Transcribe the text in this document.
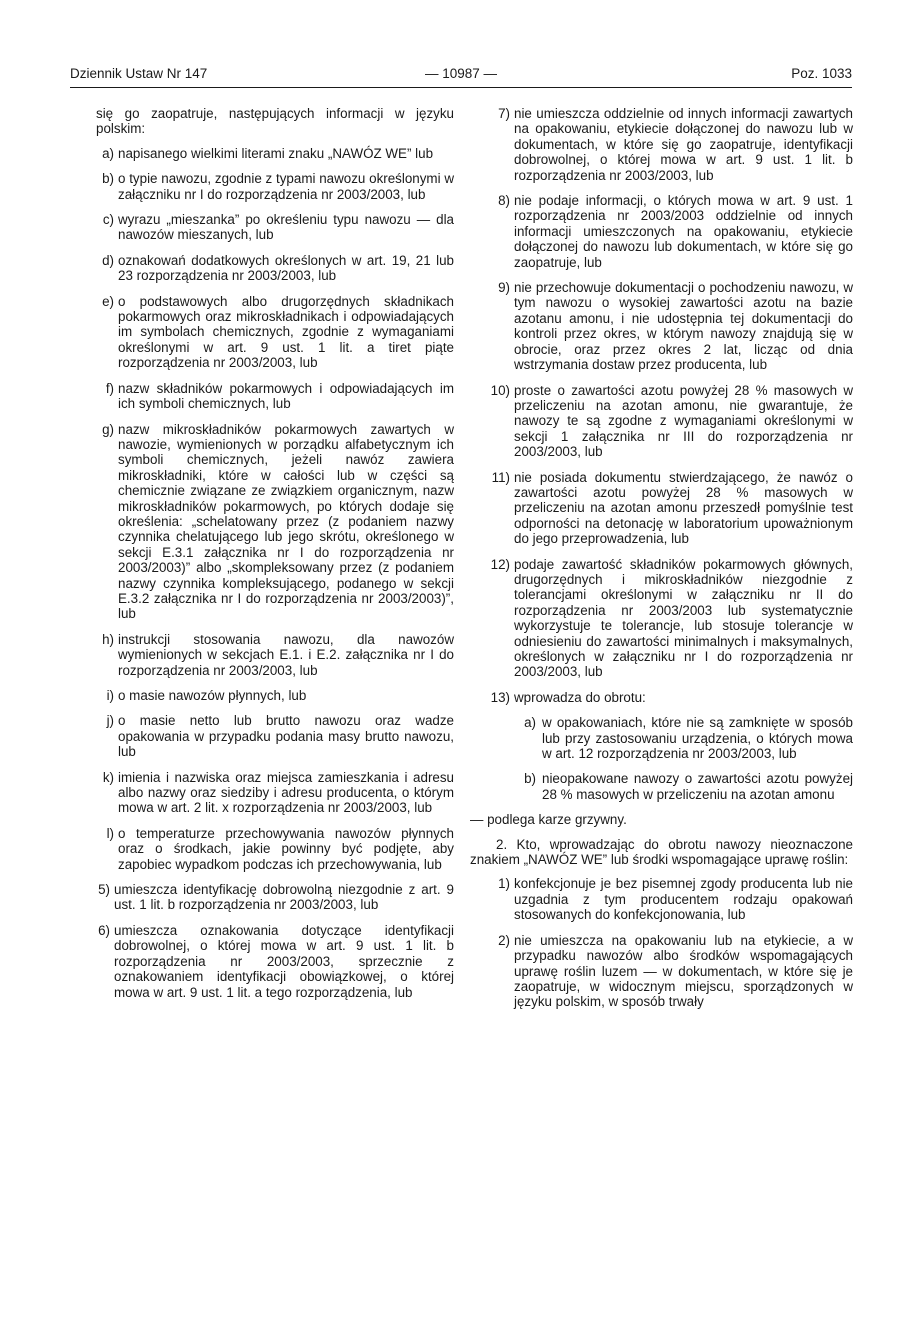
Dziennik Ustaw Nr 147	— 10987 —	Poz. 1033

się go zaopatruje, następujących informacji w języku polskim:

a) napisanego wielkimi literami znaku „NAWÓZ WE” lub
b) o typie nawozu, zgodnie z typami nawozu określonymi w załączniku nr I do rozporządzenia nr 2003/2003, lub
c) wyrazu „mieszanka” po określeniu typu nawozu — dla nawozów mieszanych, lub
d) oznakowań dodatkowych określonych w art. 19, 21 lub 23 rozporządzenia nr 2003/2003, lub
e) o podstawowych albo drugorzędnych składnikach pokarmowych oraz mikroskładnikach i odpowiadających im symbolach chemicznych, zgodnie z wymaganiami określonymi w art. 9 ust. 1 lit. a tiret piąte rozporządzenia nr 2003/2003, lub
f) nazw składników pokarmowych i odpowiadających im ich symboli chemicznych, lub
g) nazw mikroskładników pokarmowych zawartych w nawozie, wymienionych w porządku alfabetycznym ich symboli chemicznych, jeżeli nawóz zawiera mikroskładniki, które w całości lub w części są chemicznie związane ze związkiem organicznym, nazw mikroskładników pokarmowych, po których dodaje się określenia: „schelatowany przez (z podaniem nazwy czynnika chelatującego lub jego skrótu, określonego w sekcji E.3.1 załącznika nr I do rozporządzenia nr 2003/2003)” albo „skompleksowany przez (z podaniem nazwy czynnika kompleksującego, podanego w sekcji E.3.2 załącznika nr I do rozporządzenia nr 2003/2003)”, lub
h) instrukcji stosowania nawozu, dla nawozów wymienionych w sekcjach E.1. i E.2. załącznika nr I do rozporządzenia nr 2003/2003, lub
i) o masie nawozów płynnych, lub
j) o masie netto lub brutto nawozu oraz wadze opakowania w przypadku podania masy brutto nawozu, lub
k) imienia i nazwiska oraz miejsca zamieszkania i adresu albo nazwy oraz siedziby i adresu producenta, o którym mowa w art. 2 lit. x rozporządzenia nr 2003/2003, lub
l) o temperaturze przechowywania nawozów płynnych oraz o środkach, jakie powinny być podjęte, aby zapobiec wypadkom podczas ich przechowywania, lub
5) umieszcza identyfikację dobrowolną niezgodnie z art. 9 ust. 1 lit. b rozporządzenia nr 2003/2003, lub
6) umieszcza oznakowania dotyczące identyfikacji dobrowolnej, o której mowa w art. 9 ust. 1 lit. b rozporządzenia nr 2003/2003, sprzecznie z oznakowaniem identyfikacji obowiązkowej, o której mowa w art. 9 ust. 1 lit. a tego rozporządzenia, lub
7) nie umieszcza oddzielnie od innych informacji zawartych na opakowaniu, etykiecie dołączonej do nawozu lub w dokumentach, w które się go zaopatruje, identyfikacji dobrowolnej, o której mowa w art. 9 ust. 1 lit. b rozporządzenia nr 2003/2003, lub
8) nie podaje informacji, o których mowa w art. 9 ust. 1 rozporządzenia nr 2003/2003 oddzielnie od innych informacji umieszczonych na opakowaniu, etykiecie dołączonej do nawozu lub dokumentach, w które się go zaopatruje, lub
9) nie przechowuje dokumentacji o pochodzeniu nawozu, w tym nawozu o wysokiej zawartości azotu na bazie azotanu amonu, i nie udostępnia tej dokumentacji do kontroli przez okres, w którym nawozy znajdują się w obrocie, oraz przez okres 2 lat, licząc od dnia wstrzymania dostaw przez producenta, lub
10) proste o zawartości azotu powyżej 28 % masowych w przeliczeniu na azotan amonu, nie gwarantuje, że nawozy te są zgodne z wymaganiami określonymi w sekcji 1 załącznika nr III do rozporządzenia nr 2003/2003, lub
11) nie posiada dokumentu stwierdzającego, że nawóz o zawartości azotu powyżej 28 % masowych w przeliczeniu na azotan amonu przeszedł pomyślnie test odporności na detonację w laboratorium upoważnionym do jego przeprowadzenia, lub
12) podaje zawartość składników pokarmowych głównych, drugorzędnych i mikroskładników niezgodnie z tolerancjami określonymi w załączniku nr II do rozporządzenia nr 2003/2003 lub systematycznie wykorzystuje te tolerancje, lub stosuje tolerancje w odniesieniu do zawartości minimalnych i maksymalnych, określonych w załączniku nr I do rozporządzenia nr 2003/2003, lub
13) wprowadza do obrotu:
a) w opakowaniach, które nie są zamknięte w sposób lub przy zastosowaniu urządzenia, o których mowa w art. 12 rozporządzenia nr 2003/2003, lub
b) nieopakowane nawozy o zawartości azotu powyżej 28 % masowych w przeliczeniu na azotan amonu

— podlega karze grzywny.

2. Kto, wprowadzając do obrotu nawozy nieoznaczone znakiem „NAWÓZ WE” lub środki wspomagające uprawę roślin:

1) konfekcjonuje je bez pisemnej zgody producenta lub nie uzgadnia z tym producentem rodzaju opakowań stosowanych do konfekcjonowania, lub
2) nie umieszcza na opakowaniu lub na etykiecie, a w przypadku nawozów albo środków wspomagających uprawę roślin luzem — w dokumentach, w które się je zaopatruje, w widocznym miejscu, sporządzonych w języku polskim, w sposób trwały
